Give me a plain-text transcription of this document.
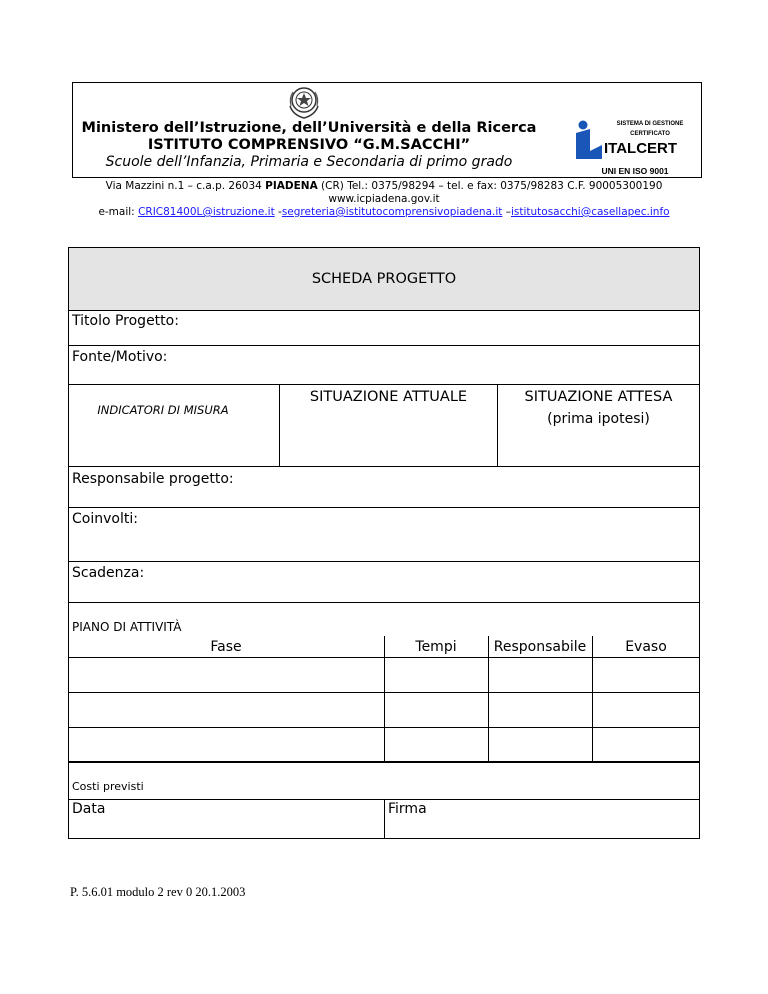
Ministero dell’Istruzione, dell’Università e della Ricerca
ISTITUTO COMPRENSIVO “G.M.SACCHI”
Scuole dell’Infanzia, Primaria e Secondaria di primo grado
SISTEMA DI GESTIONE
CERTIFICATO
ITALCERT
UNI EN ISO 9001
Via Mazzini n.1 – c.a.p. 26034 PIADENA (CR) Tel.: 0375/98294 – tel. e fax: 0375/98283 C.F. 90005300190
www.icpiadena.gov.it
e-mail: CRIC81400L@istruzione.it -segreteria@istitutocomprensivopiadena.it –istitutosacchi@casellapec.info
SCHEDA PROGETTO
Titolo Progetto:
Fonte/Motivo:
INDICATORI DI MISURA
SITUAZIONE ATTUALE	SITUAZIONE ATTESA
(prima ipotesi)
Responsabile progetto:
Coinvolti:
Scadenza:
PIANO DI ATTIVITÀ
Fase	Tempi	Responsabile	Evaso
Costi previsti
Data	Firma
P. 5.6.01 modulo 2 rev 0 20.1.2003
